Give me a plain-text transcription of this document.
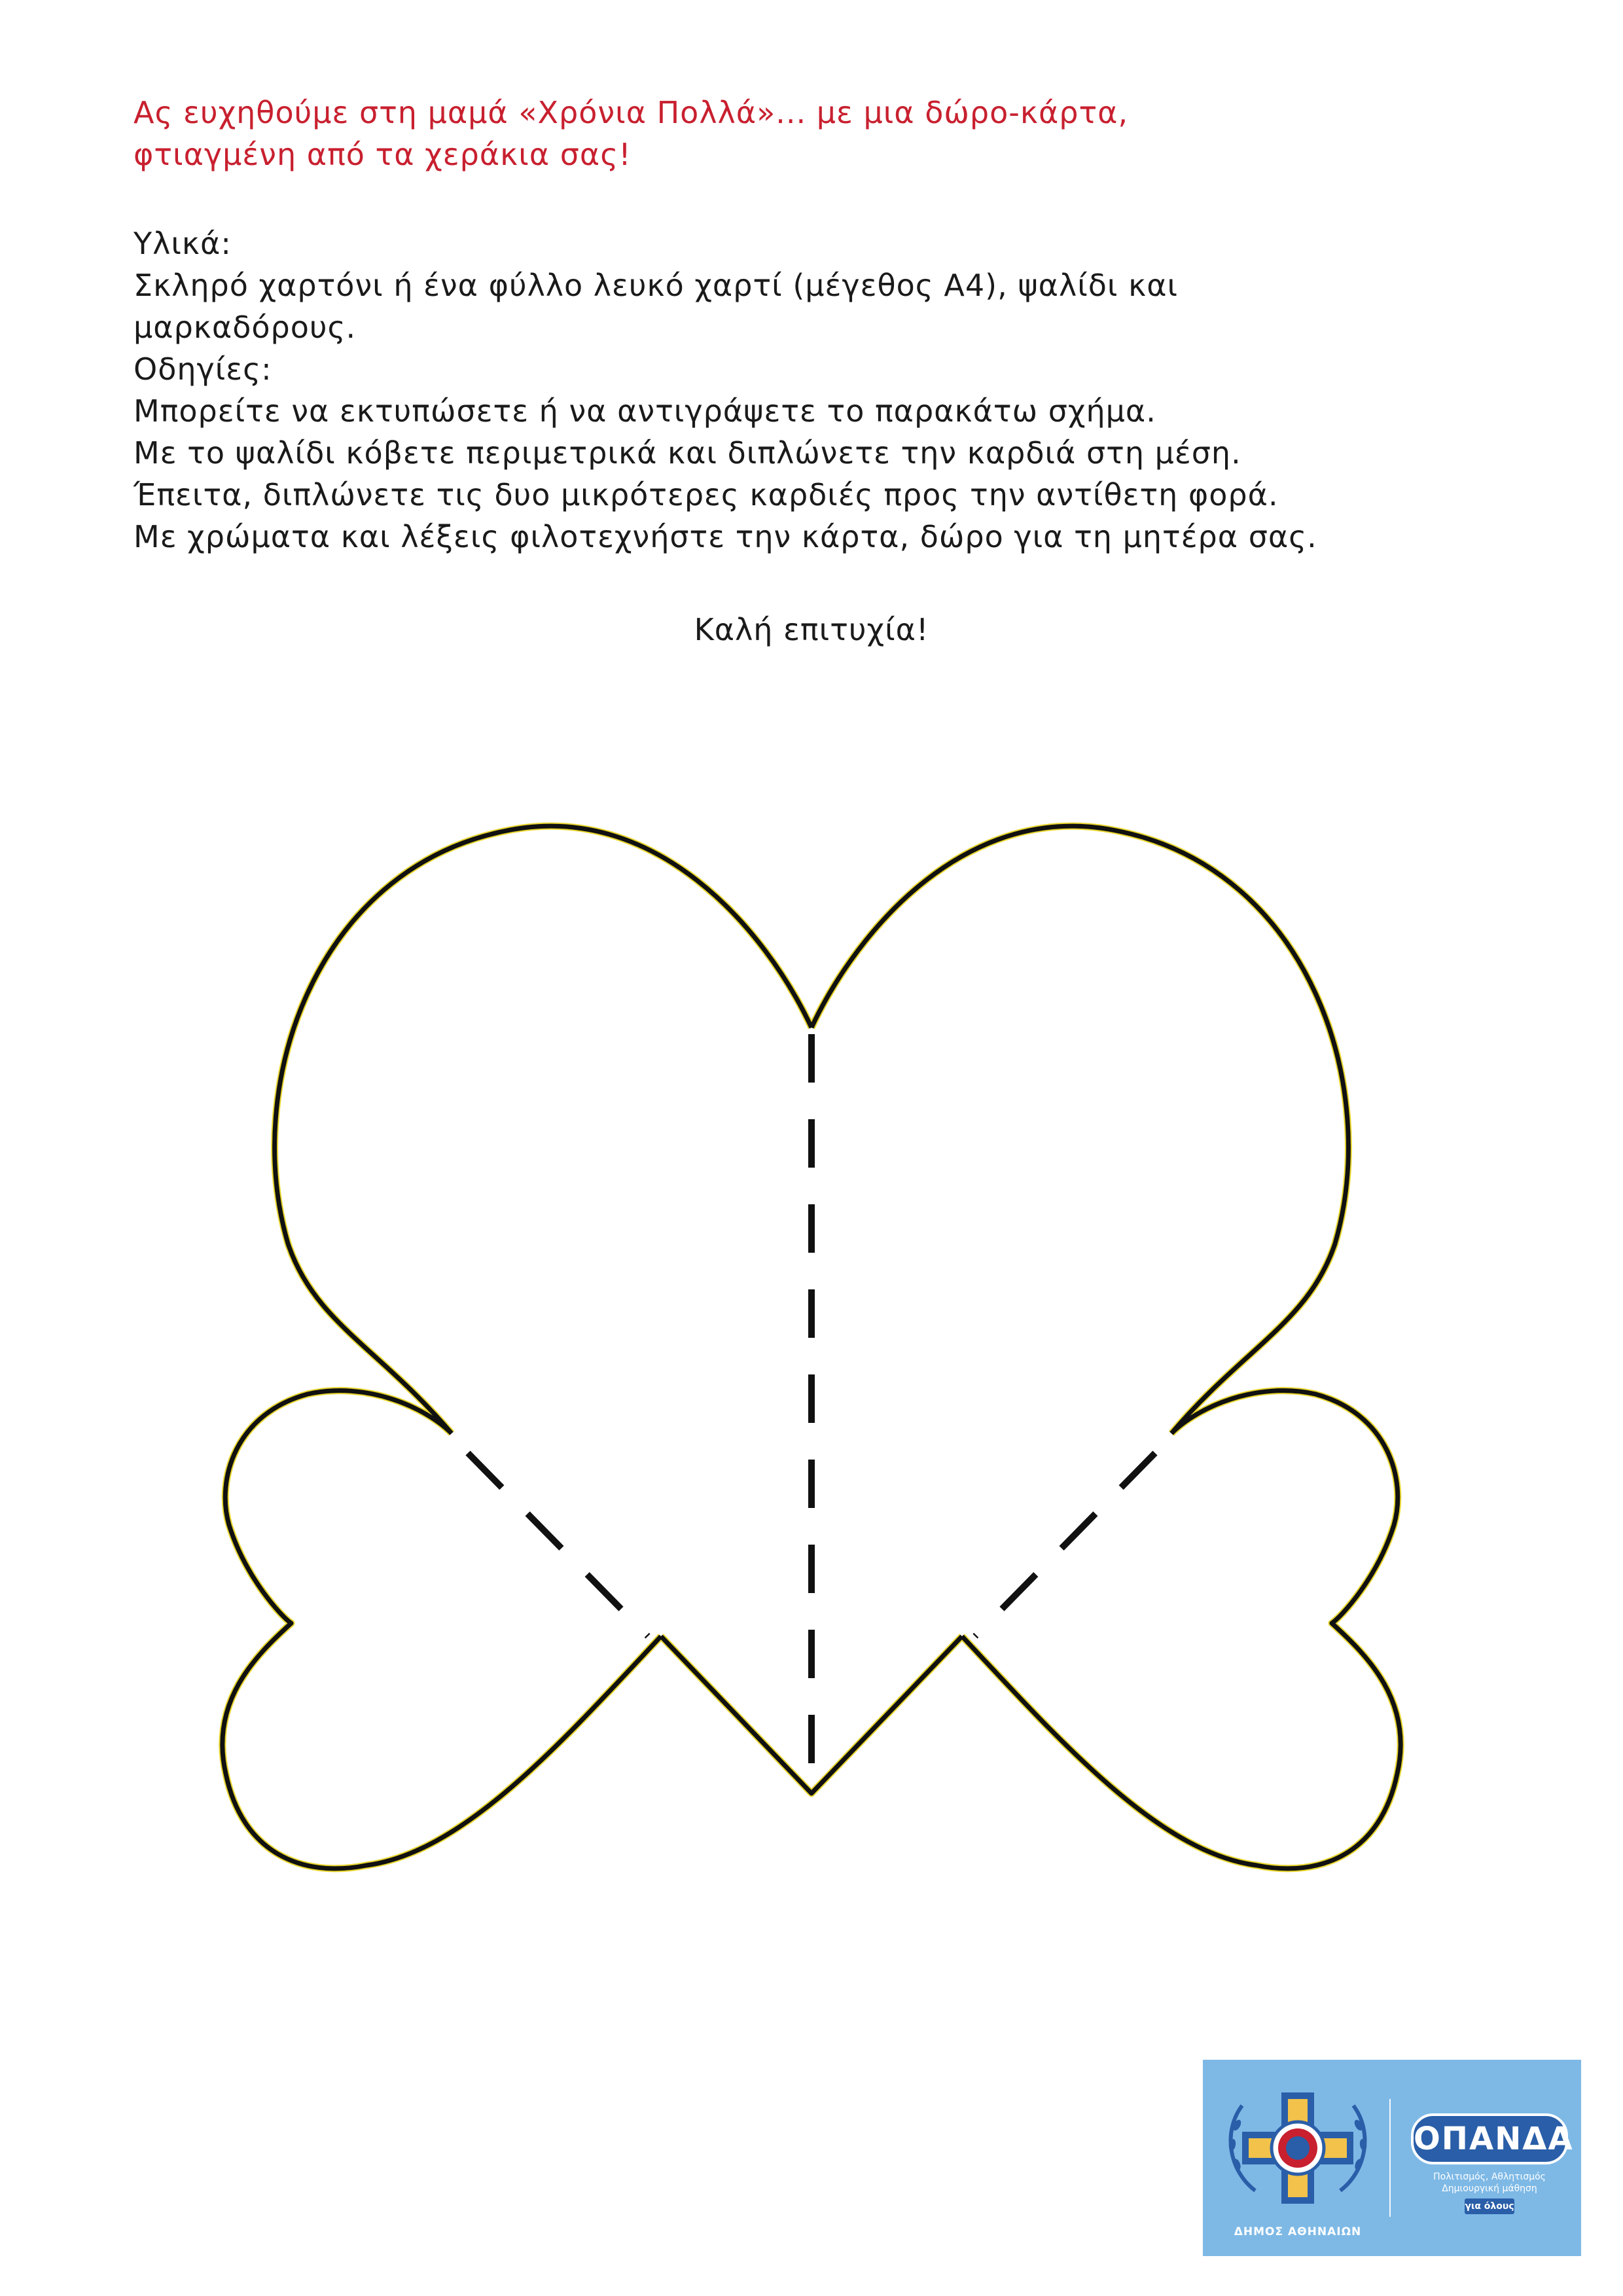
Ας ευχηθούμε στη μαμά «Χρόνια Πολλά»... με μια δώρο-κάρτα,
φτιαγμένη από τα χεράκια σας!
Υλικά:
Σκληρό χαρτόνι ή ένα φύλλο λευκό χαρτί (μέγεθος Α4), ψαλίδι και
μαρκαδόρους.
Οδηγίες:
Μπορείτε να εκτυπώσετε ή να αντιγράψετε το παρακάτω σχήμα.
Με το ψαλίδι κόβετε περιμετρικά και διπλώνετε την καρδιά στη μέση.
Έπειτα, διπλώνετε τις δυο μικρότερες καρδιές προς την αντίθετη φορά.
Με χρώματα και λέξεις φιλοτεχνήστε την κάρτα, δώρο για τη μητέρα σας.
Καλή επιτυχία!
ΔΗΜΟΣ ΑΘΗΝΑΙΩΝ
ΟΠΑΝΔΑ
Πολιτισμός, Αθλητισμός
Δημιουργική μάθηση
για όλους
